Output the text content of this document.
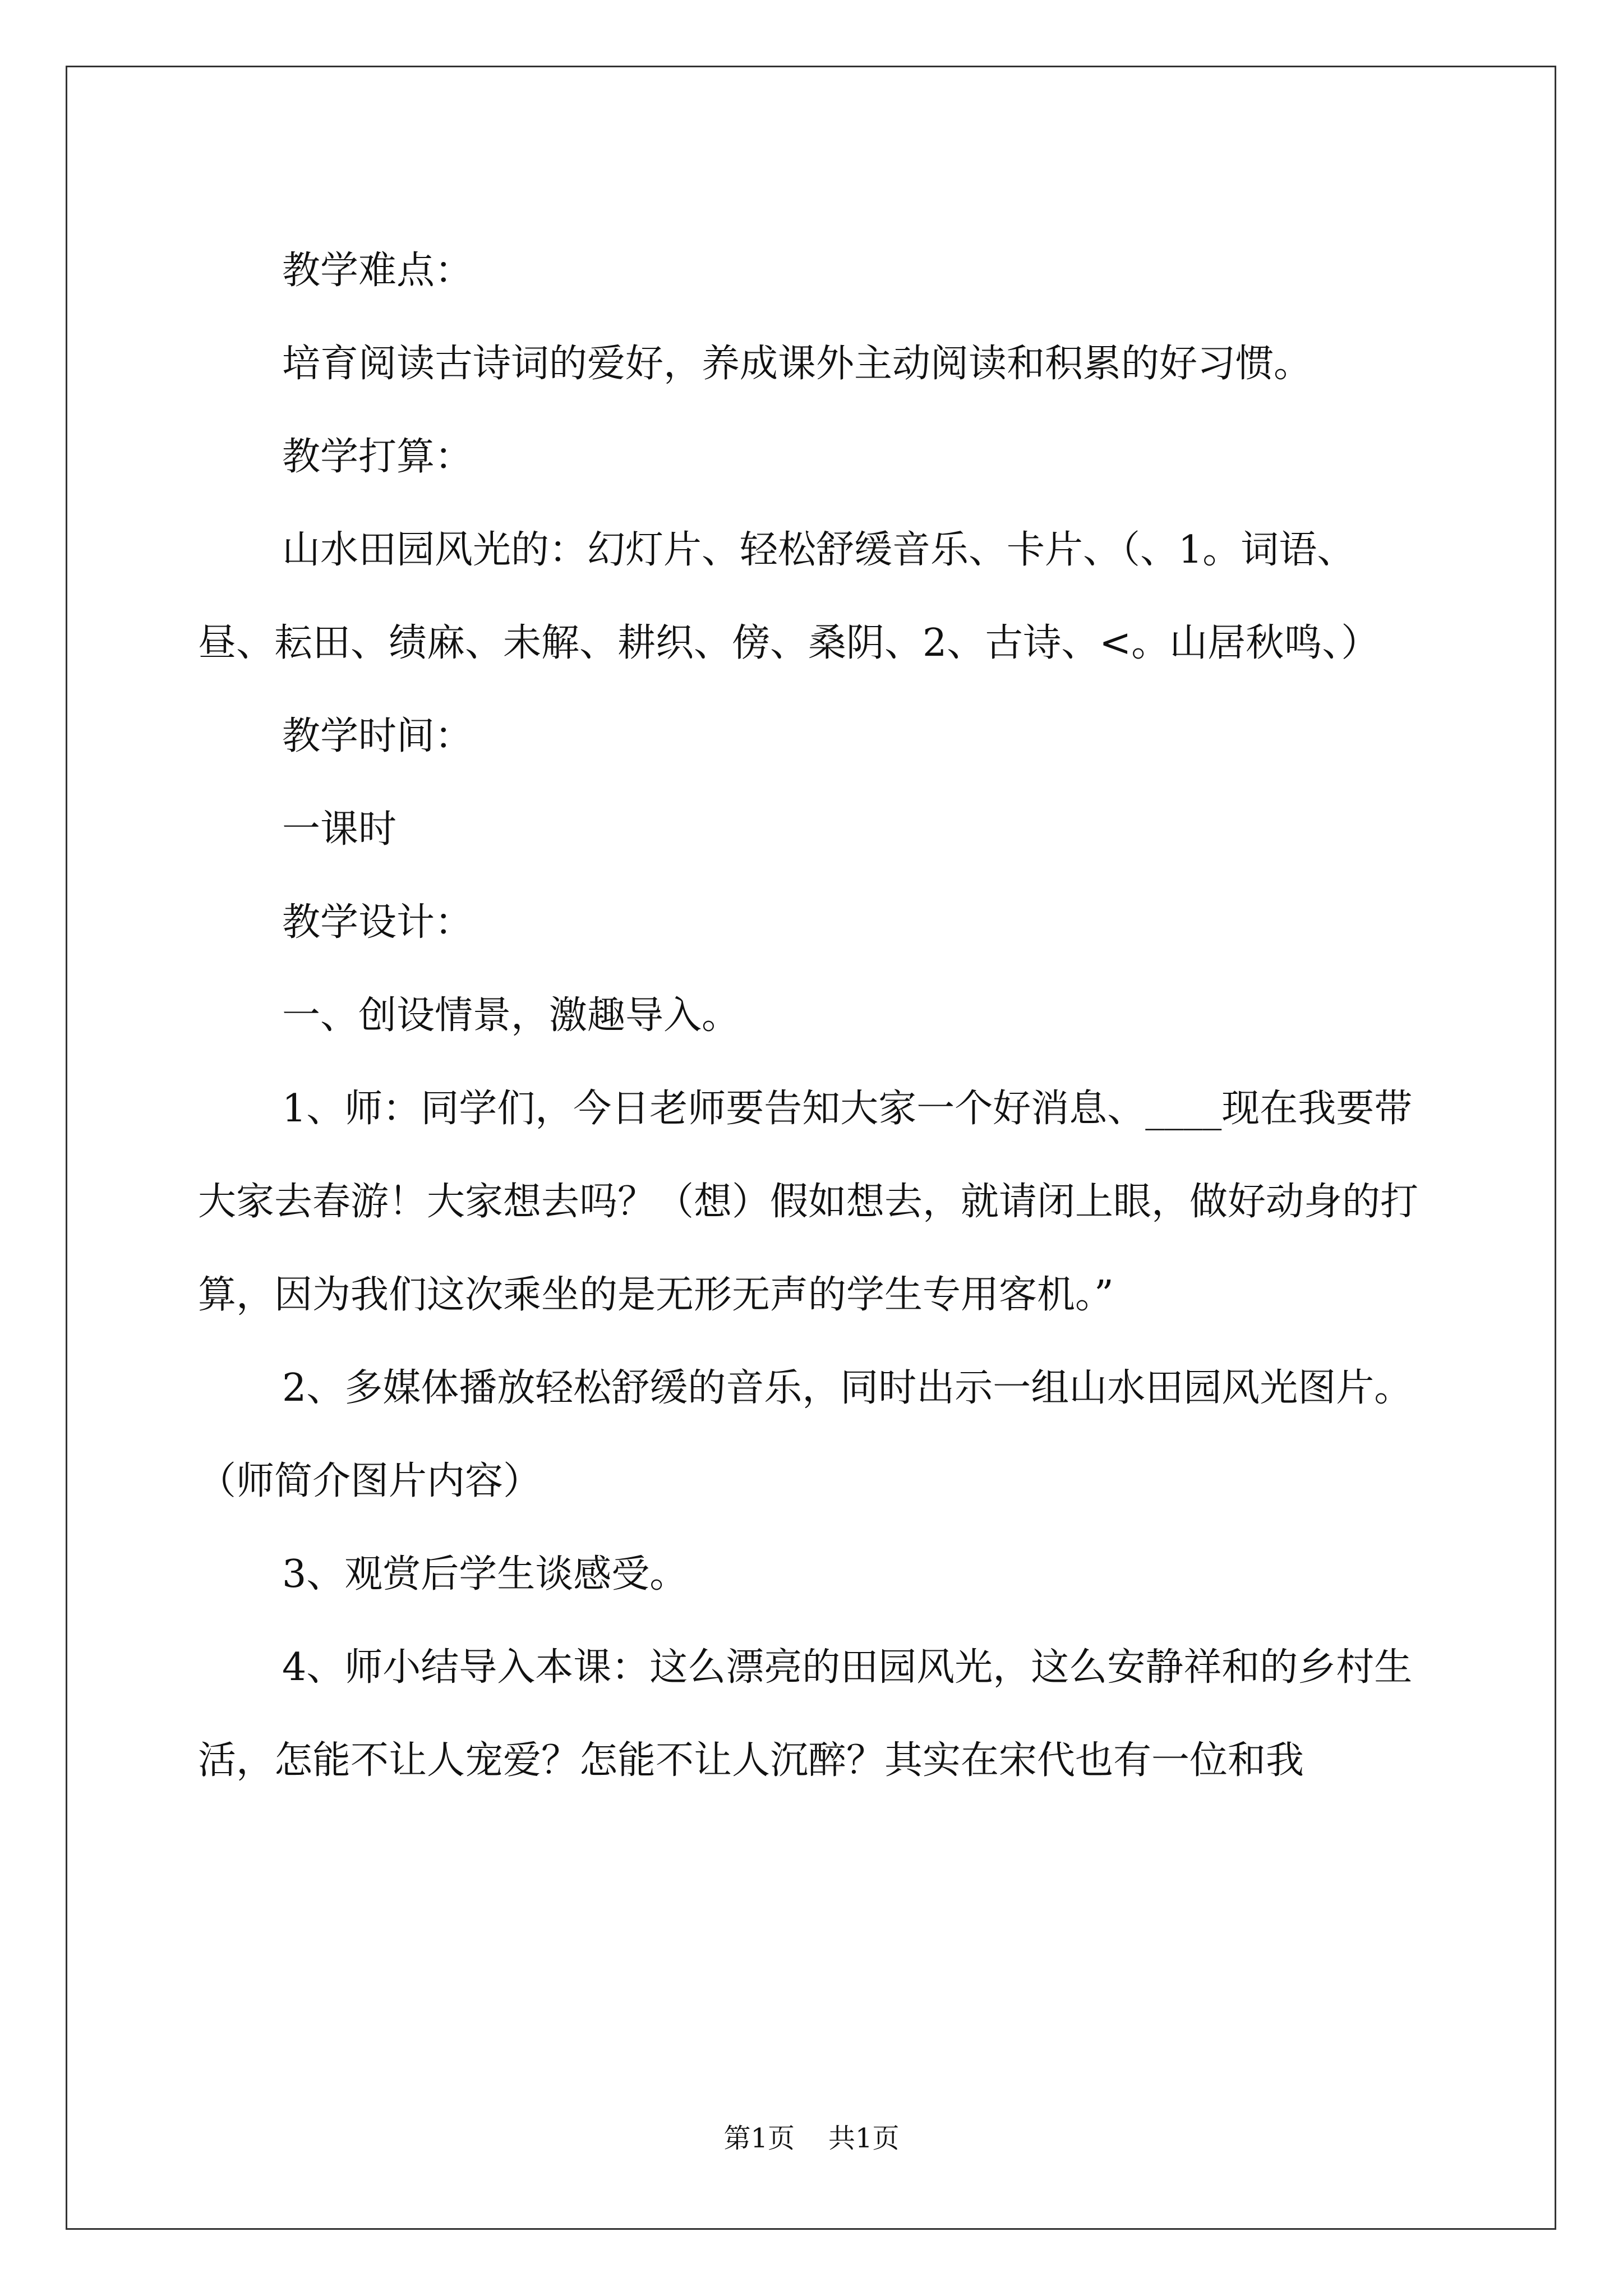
教学难点：

培育阅读古诗词的爱好，养成课外主动阅读和积累的好习惯。

教学打算：

山水田园风光的：幻灯片、轻松舒缓音乐、卡片、（、1。词语、昼、耘田、绩麻、未解、耕织、傍、桑阴、2、古诗、<。山居秋鸣、）

教学时间：

一课时

教学设计：

一、创设情景，激趣导入。

1、师：同学们，今日老师要告知大家一个好消息、____现在我要带大家去春游！大家想去吗？（想）假如想去，就请闭上眼，做好动身的打算，因为我们这次乘坐的是无形无声的学生专用客机。”

2、多媒体播放轻松舒缓的音乐，同时出示一组山水田园风光图片。（师简介图片内容）

3、观赏后学生谈感受。

4、师小结导入本课：这么漂亮的田园风光，这么安静祥和的乡村生活，怎能不让人宠爱？怎能不让人沉醉？其实在宋代也有一位和我

第1页 共1页
